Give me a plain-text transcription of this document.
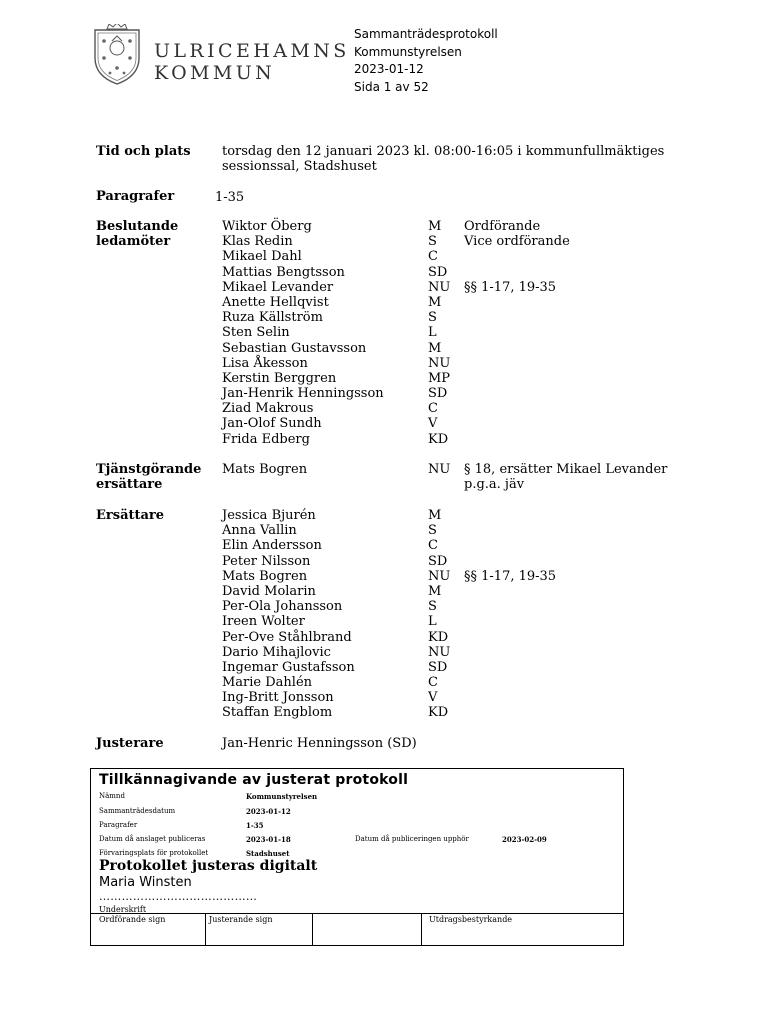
ULRICEHAMNS
KOMMUN
Sammanträdesprotokoll
Kommunstyrelsen
2023-01-12
Sida 1 av 52
Tid och plats torsdag den 12 januari 2023 kl. 08:00-16:05 i kommunfullmäktiges
sessionssal, Stadshuset
Paragrafer	1-35
Beslutande
ledamöter
Wiktor Öberg	M Ordförande
Klas Redin	S Vice ordförande
Mikael Dahl	C
Mattias Bengtsson	SD
Mikael Levander	NU §§ 1-17, 19-35
Anette Hellqvist	M
Ruza Källström	S
Sten Selin	L
Sebastian Gustavsson	M
Lisa Åkesson	NU
Kerstin Berggren	MP
Jan-Henrik Henningsson	SD
Ziad Makrous	C
Jan-Olof Sundh	V
Frida Edberg	KD
Tjänstgörande
ersättare
Mats Bogren	NU § 18, ersätter Mikael Levander
p.g.a. jäv
Ersättare	Jessica Bjurén	M
Anna Vallin	S
Elin Andersson	C
Peter Nilsson	SD
Mats Bogren	NU §§ 1-17, 19-35
David Molarin	M
Per-Ola Johansson	S
Ireen Wolter	L
Per-Ove Ståhlbrand	KD
Dario Mihajlovic	NU
Ingemar Gustafsson	SD
Marie Dahlén	C
Ing-Britt Jonsson	V
Staffan Engblom	KD
Justerare	Jan-Henric Henningsson (SD)
Tillkännagivande av justerat protokoll
Nämnd	Kommunstyrelsen
Sammanträdesdatum	2023-01-12
Paragrafer	1-35
Datum då anslaget publiceras	2023-01-18	Datum då publiceringen upphör	2023-02-09
Förvaringsplats för protokollet	Stadshuset
Protokollet justeras digitalt
Maria Winsten
……………………………………
Underskrift
Ordförande sign	Justerande sign	Utdragsbestyrkande
